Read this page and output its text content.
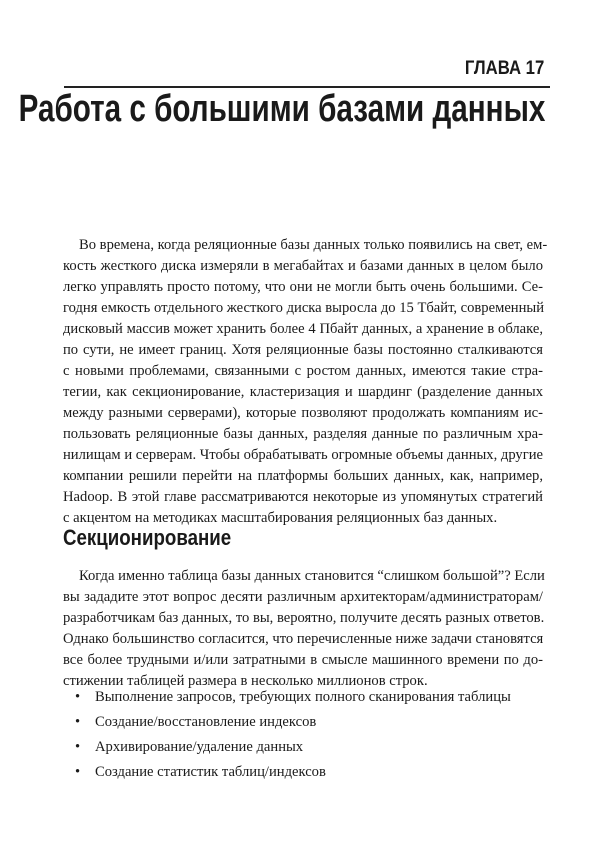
ГЛАВА 17
Работа с большими базами данных
Во времена, когда реляционные базы данных только появились на свет, ем-
кость жесткого диска измеряли в мегабайтах и базами данных в целом было
легко управлять просто потому, что они не могли быть очень большими. Се-
годня емкость отдельного жесткого диска выросла до 15 Тбайт, современный
дисковый массив может хранить более 4 Пбайт данных, а хранение в облаке,
по сути, не имеет границ. Хотя реляционные базы постоянно сталкиваются
с новыми проблемами, связанными с ростом данных, имеются такие стра-
тегии, как секционирование, кластеризация и шардинг (разделение данных
между разными серверами), которые позволяют продолжать компаниям ис-
пользовать реляционные базы данных, разделяя данные по различным хра-
нилищам и серверам. Чтобы обрабатывать огромные объемы данных, другие
компании решили перейти на платформы больших данных, как, например,
Hadoop. В этой главе рассматриваются некоторые из упомянутых стратегий
с акцентом на методиках масштабирования реляционных баз данных.
Секционирование
Когда именно таблица базы данных становится “слишком большой”? Если
вы зададите этот вопрос десяти различным архитекторам/администраторам/
разработчикам баз данных, то вы, вероятно, получите десять разных ответов.
Однако большинство согласится, что перечисленные ниже задачи становятся
все более трудными и/или затратными в смысле машинного времени по до-
стижении таблицей размера в несколько миллионов строк.
•	Выполнение запросов, требующих полного сканирования таблицы
•	Создание/восстановление индексов
•	Архивирование/удаление данных
•	Создание статистик таблиц/индексов
